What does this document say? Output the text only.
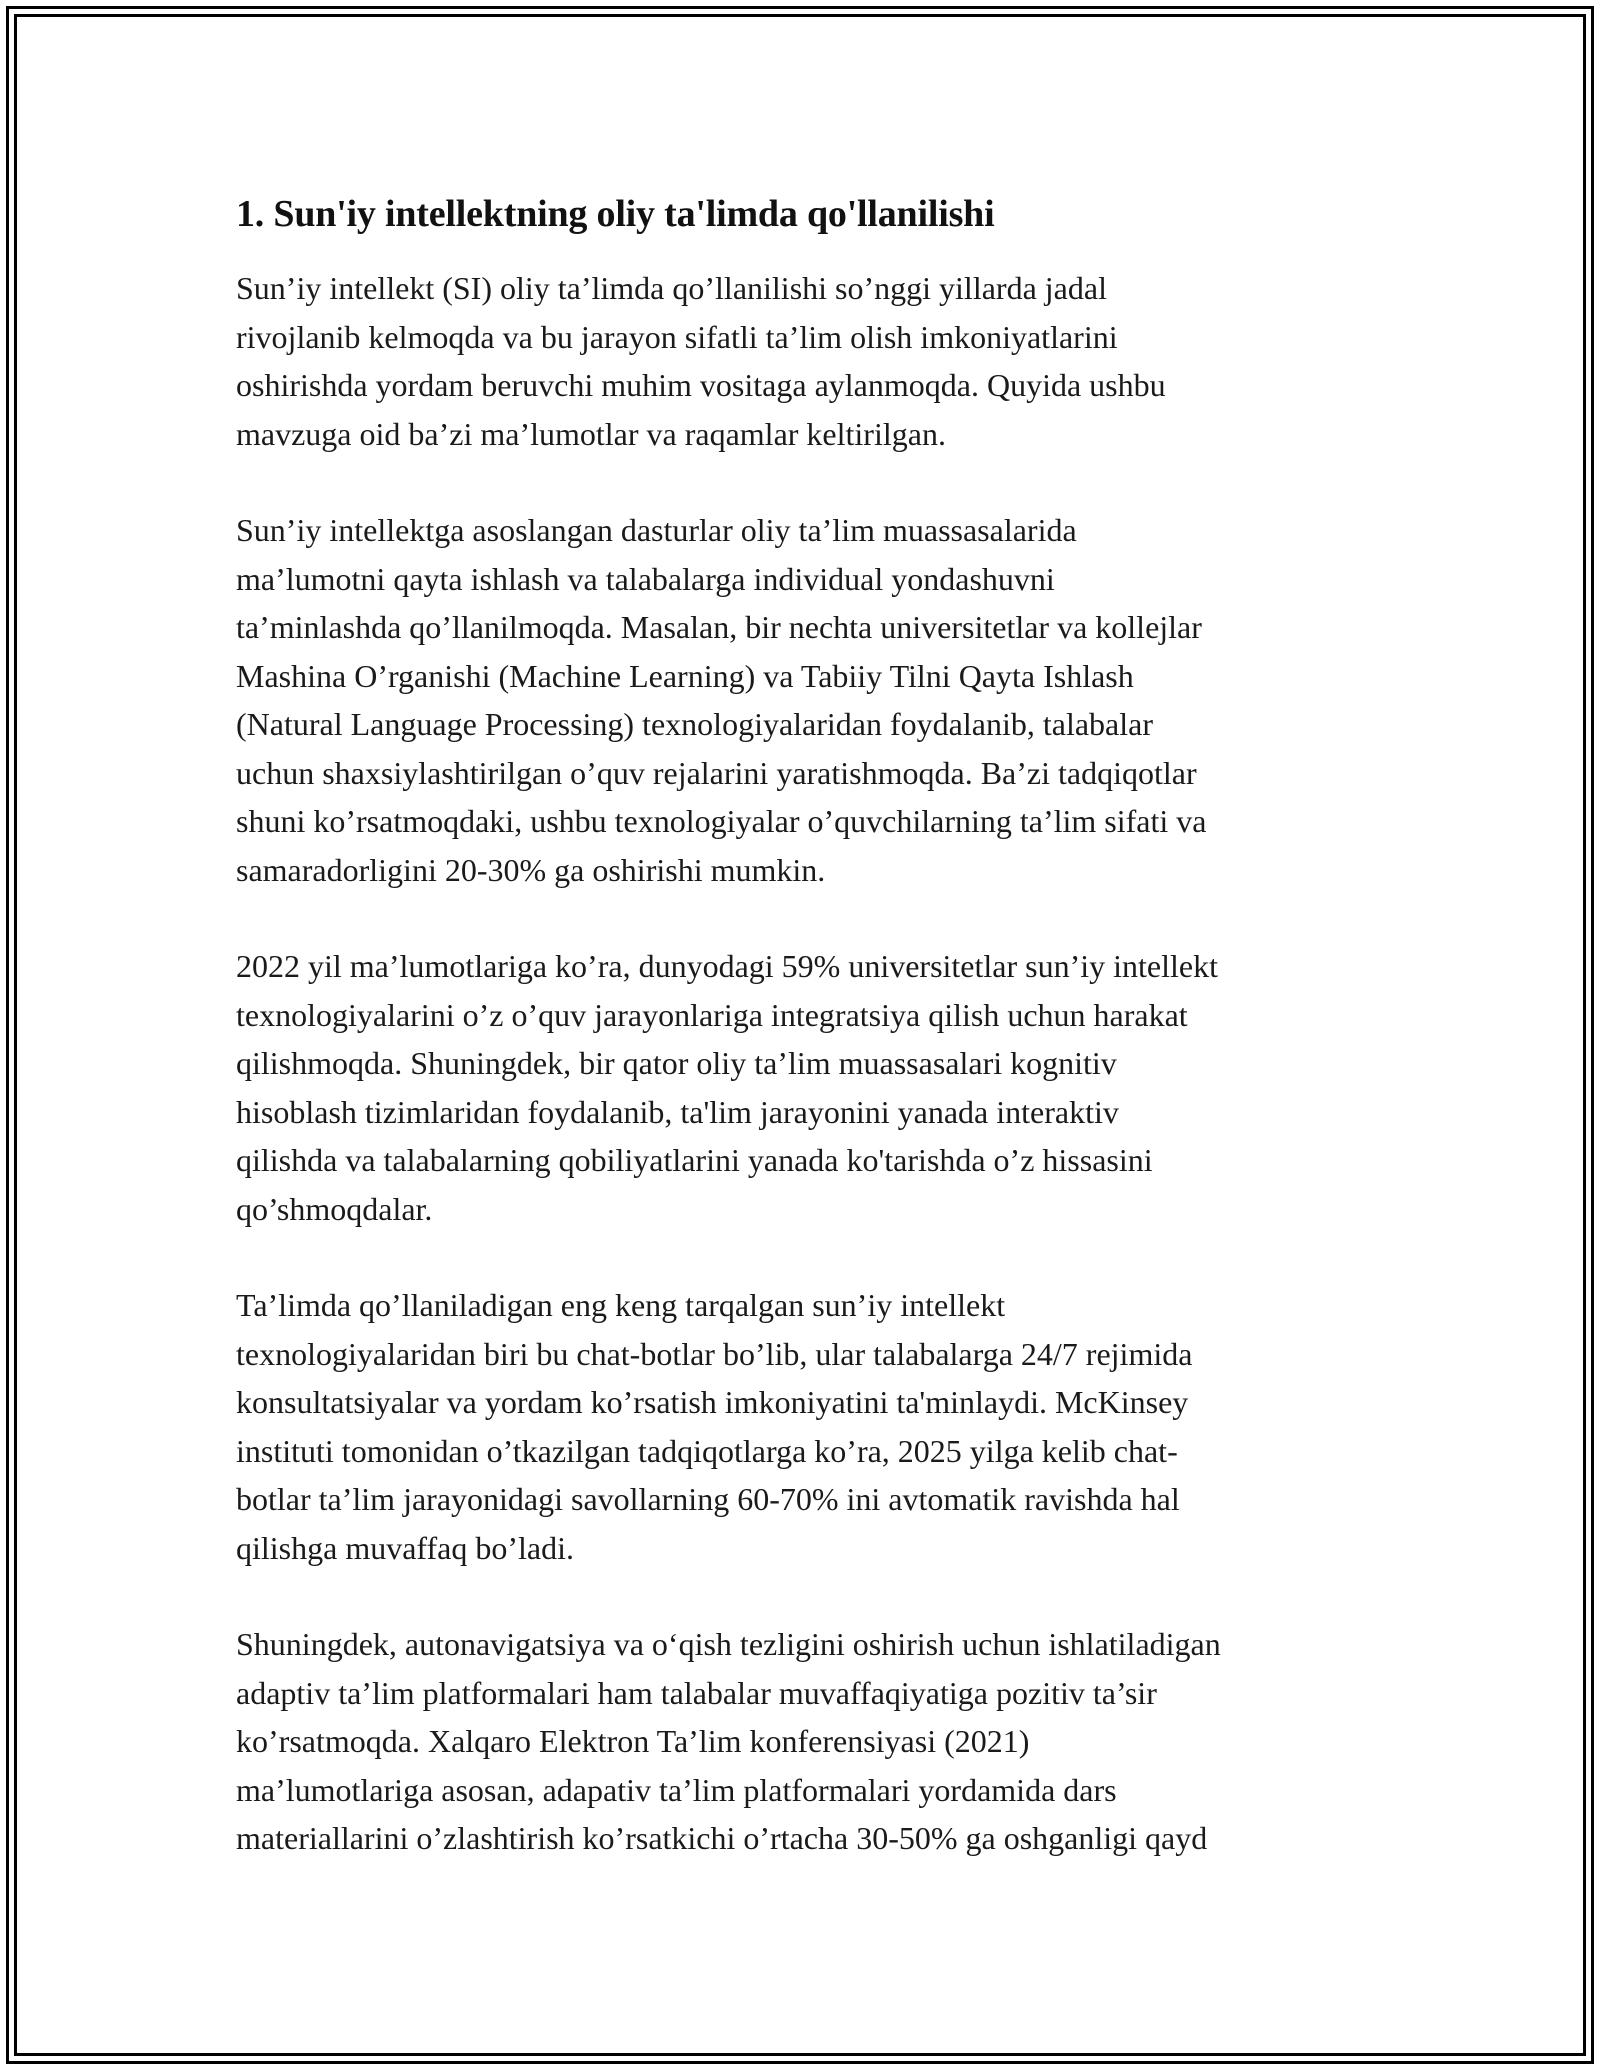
1. Sun'iy intellektning oliy ta'limda qo'llanilishi

Sun’iy intellekt (SI) oliy ta’limda qo’llanilishi so’nggi yillarda jadal
rivojlanib kelmoqda va bu jarayon sifatli ta’lim olish imkoniyatlarini
oshirishda yordam beruvchi muhim vositaga aylanmoqda. Quyida ushbu
mavzuga oid ba’zi ma’lumotlar va raqamlar keltirilgan.

Sun’iy intellektga asoslangan dasturlar oliy ta’lim muassasalarida
ma’lumotni qayta ishlash va talabalarga individual yondashuvni
ta’minlashda qo’llanilmoqda. Masalan, bir nechta universitetlar va kollejlar
Mashina O’rganishi (Machine Learning) va Tabiiy Tilni Qayta Ishlash
(Natural Language Processing) texnologiyalaridan foydalanib, talabalar
uchun shaxsiylashtirilgan o’quv rejalarini yaratishmoqda. Ba’zi tadqiqotlar
shuni ko’rsatmoqdaki, ushbu texnologiyalar o’quvchilarning ta’lim sifati va
samaradorligini 20-30% ga oshirishi mumkin.

2022 yil ma’lumotlariga ko’ra, dunyodagi 59% universitetlar sun’iy intellekt
texnologiyalarini o’z o’quv jarayonlariga integratsiya qilish uchun harakat
qilishmoqda. Shuningdek, bir qator oliy ta’lim muassasalari kognitiv
hisoblash tizimlaridan foydalanib, ta'lim jarayonini yanada interaktiv
qilishda va talabalarning qobiliyatlarini yanada ko'tarishda o’z hissasini
qo’shmoqdalar.

Ta’limda qo’llaniladigan eng keng tarqalgan sun’iy intellekt
texnologiyalaridan biri bu chat-botlar bo’lib, ular talabalarga 24/7 rejimida
konsultatsiyalar va yordam ko’rsatish imkoniyatini ta'minlaydi. McKinsey
instituti tomonidan o’tkazilgan tadqiqotlarga ko’ra, 2025 yilga kelib chat-
botlar ta’lim jarayonidagi savollarning 60-70% ini avtomatik ravishda hal
qilishga muvaffaq bo’ladi.

Shuningdek, autonavigatsiya va o‘qish tezligini oshirish uchun ishlatiladigan
adaptiv ta’lim platformalari ham talabalar muvaffaqiyatiga pozitiv ta’sir
ko’rsatmoqda. Xalqaro Elektron Ta’lim konferensiyasi (2021)
ma’lumotlariga asosan, adapativ ta’lim platformalari yordamida dars
materiallarini o’zlashtirish ko’rsatkichi o’rtacha 30-50% ga oshganligi qayd
